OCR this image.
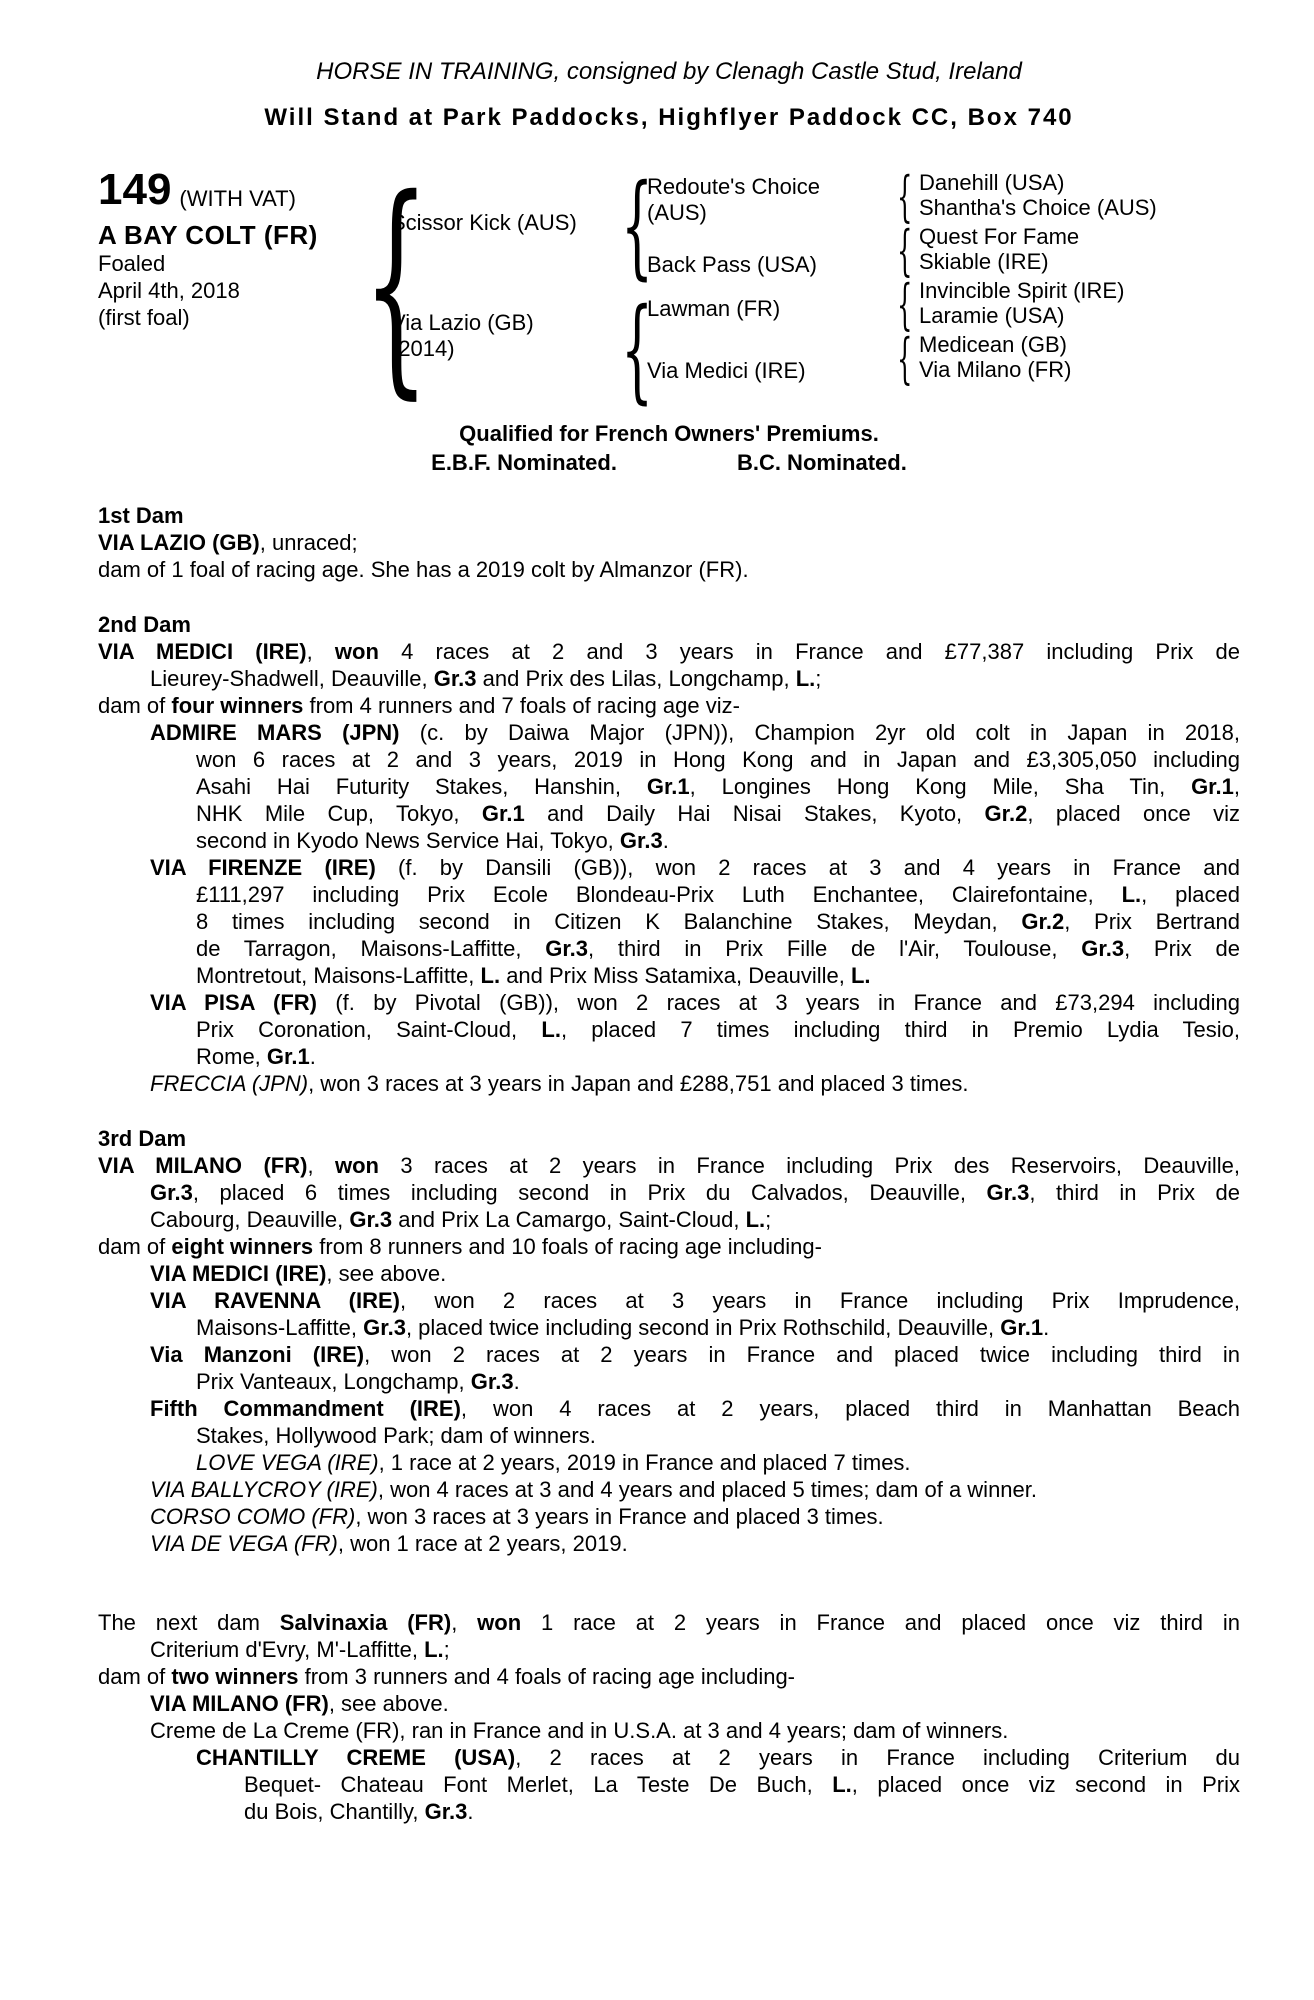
HORSE IN TRAINING, consigned by Clenagh Castle Stud, Ireland
Will Stand at Park Paddocks, Highflyer Paddock CC, Box 740
149 (WITH VAT)
A BAY COLT (FR)
Foaled
April 4th, 2018
(first foal)
{
Scissor Kick (AUS)
Via Lazio (GB)
(2014)
{
Redoute's Choice
(AUS)
Back Pass (USA)
{
Lawman (FR)
Via Medici (IRE)
{
Danehill (USA)
Shantha's Choice (AUS)
{
Quest For Fame
Skiable (IRE)
{
Invincible Spirit (IRE)
Laramie (USA)
{
Medicean (GB)
Via Milano (FR)
Qualified for French Owners' Premiums.
E.B.F. Nominated.	B.C. Nominated.
1st Dam
VIA LAZIO (GB), unraced;
dam of 1 foal of racing age. She has a 2019 colt by Almanzor (FR).
2nd Dam
VIA MEDICI (IRE), won 4 races at 2 and 3 years in France and £77,387 including Prix de
Lieurey-Shadwell, Deauville, Gr.3 and Prix des Lilas, Longchamp, L.;
dam of four winners from 4 runners and 7 foals of racing age viz-
ADMIRE MARS (JPN) (c. by Daiwa Major (JPN)), Champion 2yr old colt in Japan in 2018,
won 6 races at 2 and 3 years, 2019 in Hong Kong and in Japan and £3,305,050 including
Asahi Hai Futurity Stakes, Hanshin, Gr.1, Longines Hong Kong Mile, Sha Tin, Gr.1,
NHK Mile Cup, Tokyo, Gr.1 and Daily Hai Nisai Stakes, Kyoto, Gr.2, placed once viz
second in Kyodo News Service Hai, Tokyo, Gr.3.
VIA FIRENZE (IRE) (f. by Dansili (GB)), won 2 races at 3 and 4 years in France and
£111,297 including Prix Ecole Blondeau-Prix Luth Enchantee, Clairefontaine, L., placed
8 times including second in Citizen K Balanchine Stakes, Meydan, Gr.2, Prix Bertrand
de Tarragon, Maisons-Laffitte, Gr.3, third in Prix Fille de l'Air, Toulouse, Gr.3, Prix de
Montretout, Maisons-Laffitte, L. and Prix Miss Satamixa, Deauville, L.
VIA PISA (FR) (f. by Pivotal (GB)), won 2 races at 3 years in France and £73,294 including
Prix Coronation, Saint-Cloud, L., placed 7 times including third in Premio Lydia Tesio,
Rome, Gr.1.
FRECCIA (JPN), won 3 races at 3 years in Japan and £288,751 and placed 3 times.
3rd Dam
VIA MILANO (FR), won 3 races at 2 years in France including Prix des Reservoirs, Deauville,
Gr.3, placed 6 times including second in Prix du Calvados, Deauville, Gr.3, third in Prix de
Cabourg, Deauville, Gr.3 and Prix La Camargo, Saint-Cloud, L.;
dam of eight winners from 8 runners and 10 foals of racing age including-
VIA MEDICI (IRE), see above.
VIA RAVENNA (IRE), won 2 races at 3 years in France including Prix Imprudence,
Maisons-Laffitte, Gr.3, placed twice including second in Prix Rothschild, Deauville, Gr.1.
Via Manzoni (IRE), won 2 races at 2 years in France and placed twice including third in
Prix Vanteaux, Longchamp, Gr.3.
Fifth Commandment (IRE), won 4 races at 2 years, placed third in Manhattan Beach
Stakes, Hollywood Park; dam of winners.
LOVE VEGA (IRE), 1 race at 2 years, 2019 in France and placed 7 times.
VIA BALLYCROY (IRE), won 4 races at 3 and 4 years and placed 5 times; dam of a winner.
CORSO COMO (FR), won 3 races at 3 years in France and placed 3 times.
VIA DE VEGA (FR), won 1 race at 2 years, 2019.
The next dam Salvinaxia (FR), won 1 race at 2 years in France and placed once viz third in
Criterium d'Evry, M'-Laffitte, L.;
dam of two winners from 3 runners and 4 foals of racing age including-
VIA MILANO (FR), see above.
Creme de La Creme (FR), ran in France and in U.S.A. at 3 and 4 years; dam of winners.
CHANTILLY CREME (USA), 2 races at 2 years in France including Criterium du
Bequet- Chateau Font Merlet, La Teste De Buch, L., placed once viz second in Prix
du Bois, Chantilly, Gr.3.
